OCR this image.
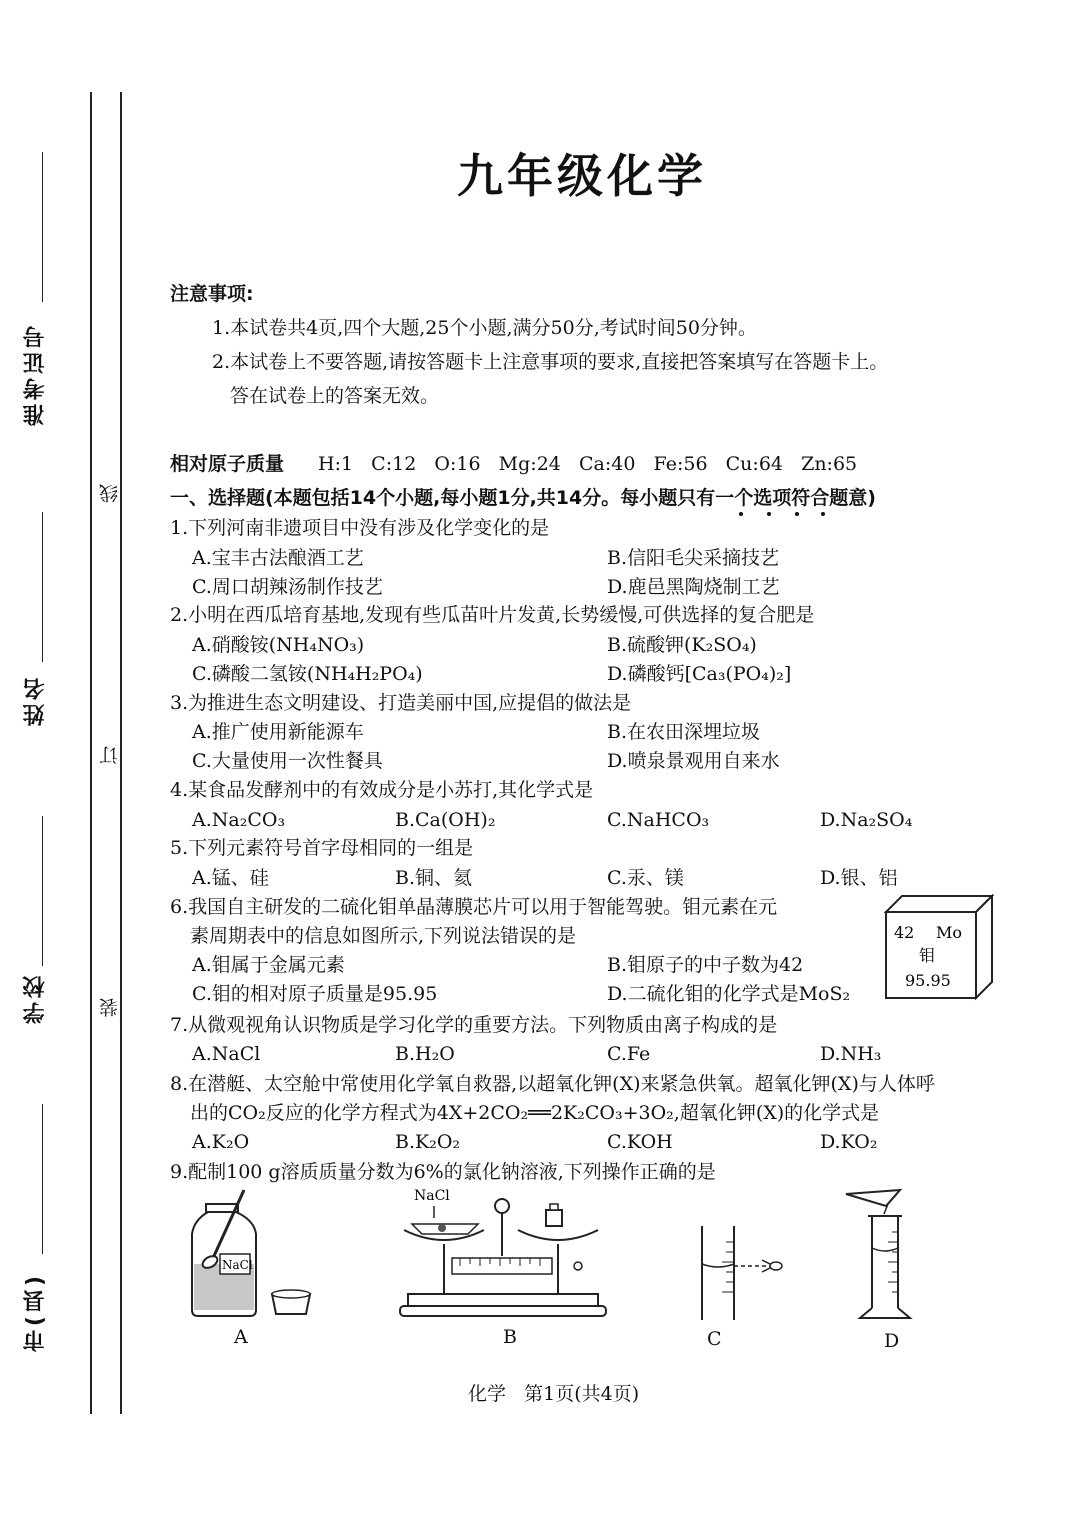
准考证号
姓名
学校
市(县)
线
订
装
九年级化学
注意事项:
1.本试卷共4页,四个大题,25个小题,满分50分,考试时间50分钟。
2.本试卷上不要答题,请按答题卡上注意事项的要求,直接把答案填写在答题卡上。
答在试卷上的答案无效。
相对原子质量 H:1   C:12   O:16   Mg:24   Ca:40   Fe:56   Cu:64   Zn:65
一、选择题(本题包括14个小题,每小题1分,共14分。每小题只有一个选项符合题意)
1.下列河南非遗项目中没有涉及化学变化的是
A.宝丰古法酿酒工艺	B.信阳毛尖采摘技艺
C.周口胡辣汤制作技艺	D.鹿邑黑陶烧制工艺
2.小明在西瓜培育基地,发现有些瓜苗叶片发黄,长势缓慢,可供选择的复合肥是
A.硝酸铵(NH₄NO₃)	B.硫酸钾(K₂SO₄)
C.磷酸二氢铵(NH₄H₂PO₄)	D.磷酸钙[Ca₃(PO₄)₂]
3.为推进生态文明建设、打造美丽中国,应提倡的做法是
A.推广使用新能源车	B.在农田深埋垃圾
C.大量使用一次性餐具	D.喷泉景观用自来水
4.某食品发酵剂中的有效成分是小苏打,其化学式是
A.Na₂CO₃	B.Ca(OH)₂	C.NaHCO₃	D.Na₂SO₄
5.下列元素符号首字母相同的一组是
A.锰、硅	B.铜、氦	C.汞、镁	D.银、铝
6.我国自主研发的二硫化钼单晶薄膜芯片可以用于智能驾驶。钼元素在元
素周期表中的信息如图所示,下列说法错误的是
A.钼属于金属元素	B.钼原子的中子数为42
C.钼的相对原子质量是95.95	D.二硫化钼的化学式是MoS₂
42 Mo
钼
95.95
7.从微观视角认识物质是学习化学的重要方法。下列物质由离子构成的是
A.NaCl	B.H₂O	C.Fe	D.NH₃
8.在潜艇、太空舱中常使用化学氧自救器,以超氧化钾(X)来紧急供氧。超氧化钾(X)与人体呼
出的CO₂反应的化学方程式为4X+2CO₂══2K₂CO₃+3O₂,超氧化钾(X)的化学式是
A.K₂O	B.K₂O₂	C.KOH	D.KO₂
9.配制100 g溶质质量分数为6%的氯化钠溶液,下列操作正确的是
NaCl
NaCl
A	B	C	D
化学   第1页(共4页)
